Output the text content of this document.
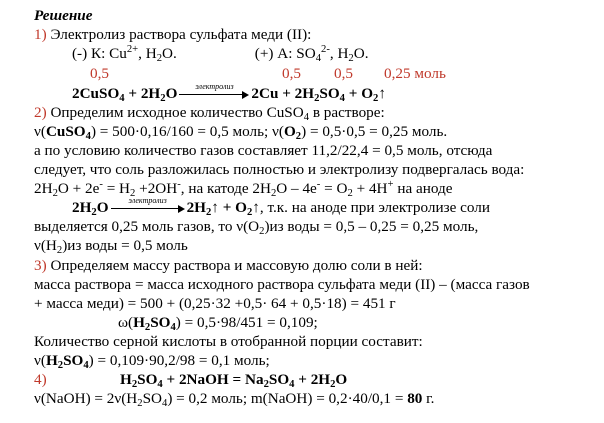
Решение
1) Электролиз раствора сульфата меди (II):
(-) К: $Cu^{2+}$, $H_2O$.	(+) А: $SO_4^{2-}$, $H_2O$.
0,5	0,5 0,5 0,25 моль
2CuSO$_4$ + $2H_2O$	электролиз	$2Cu + 2H_2SO_4$ + $O_2↑$
2) Определим исходное количество CuSO$_4$ в растворе:
ν(CuSO$_4$) = 500·0,16/160 = 0,5 моль; $\nu(O_2) = 0,5\cdot 0,5 = 0,25$ моль.
а по условию количество газов составляет 11,2/22,4 = 0,5 моль, отсюда
следует, что соль разложилась полностью и электролизу подвергалась вода:
$2H_2O + 2e^- = H_2 +2OH^-$, на катоде $2H_2O - 4e^- = O_2 + 4H^+$ на аноде
$2H_2O$	электролиз	$2H_2↑$ + $O_2↑$, т.к. на аноде при электролизе соли
выделяется 0,25 моль газов, то $\nu(O_2)из$ воды = 0,5 – 0,25 = 0,25 моль,
$\nu(H_2)из$ воды = 0,5 моль
3) Определяем массу раствора и массовую долю соли в ней:
масса раствора = масса исходного раствора сульфата меди (II) – (масса газов
+ масса меди) = 500 + (0,25·32 +0,5· 64 + 0,5·18) = 451 г
$\omega(H_2SO_4) = 0,5\cdot 98/451 = 0,109$;
Количество серной кислоты в отобранной порции составит:
$\nu(H_2SO_4) = 0,109\cdot 90,2/98 = 0,1$ моль;
4)	$H_2SO_4$ + 2NaOH = $Na_2SO_4 + 2H_2O$
ν(NaOH) = $2\nu(H_2SO_4) = 0,2$ моль; m(NaOH) = 0,2·40/0,1 = 80 г.
